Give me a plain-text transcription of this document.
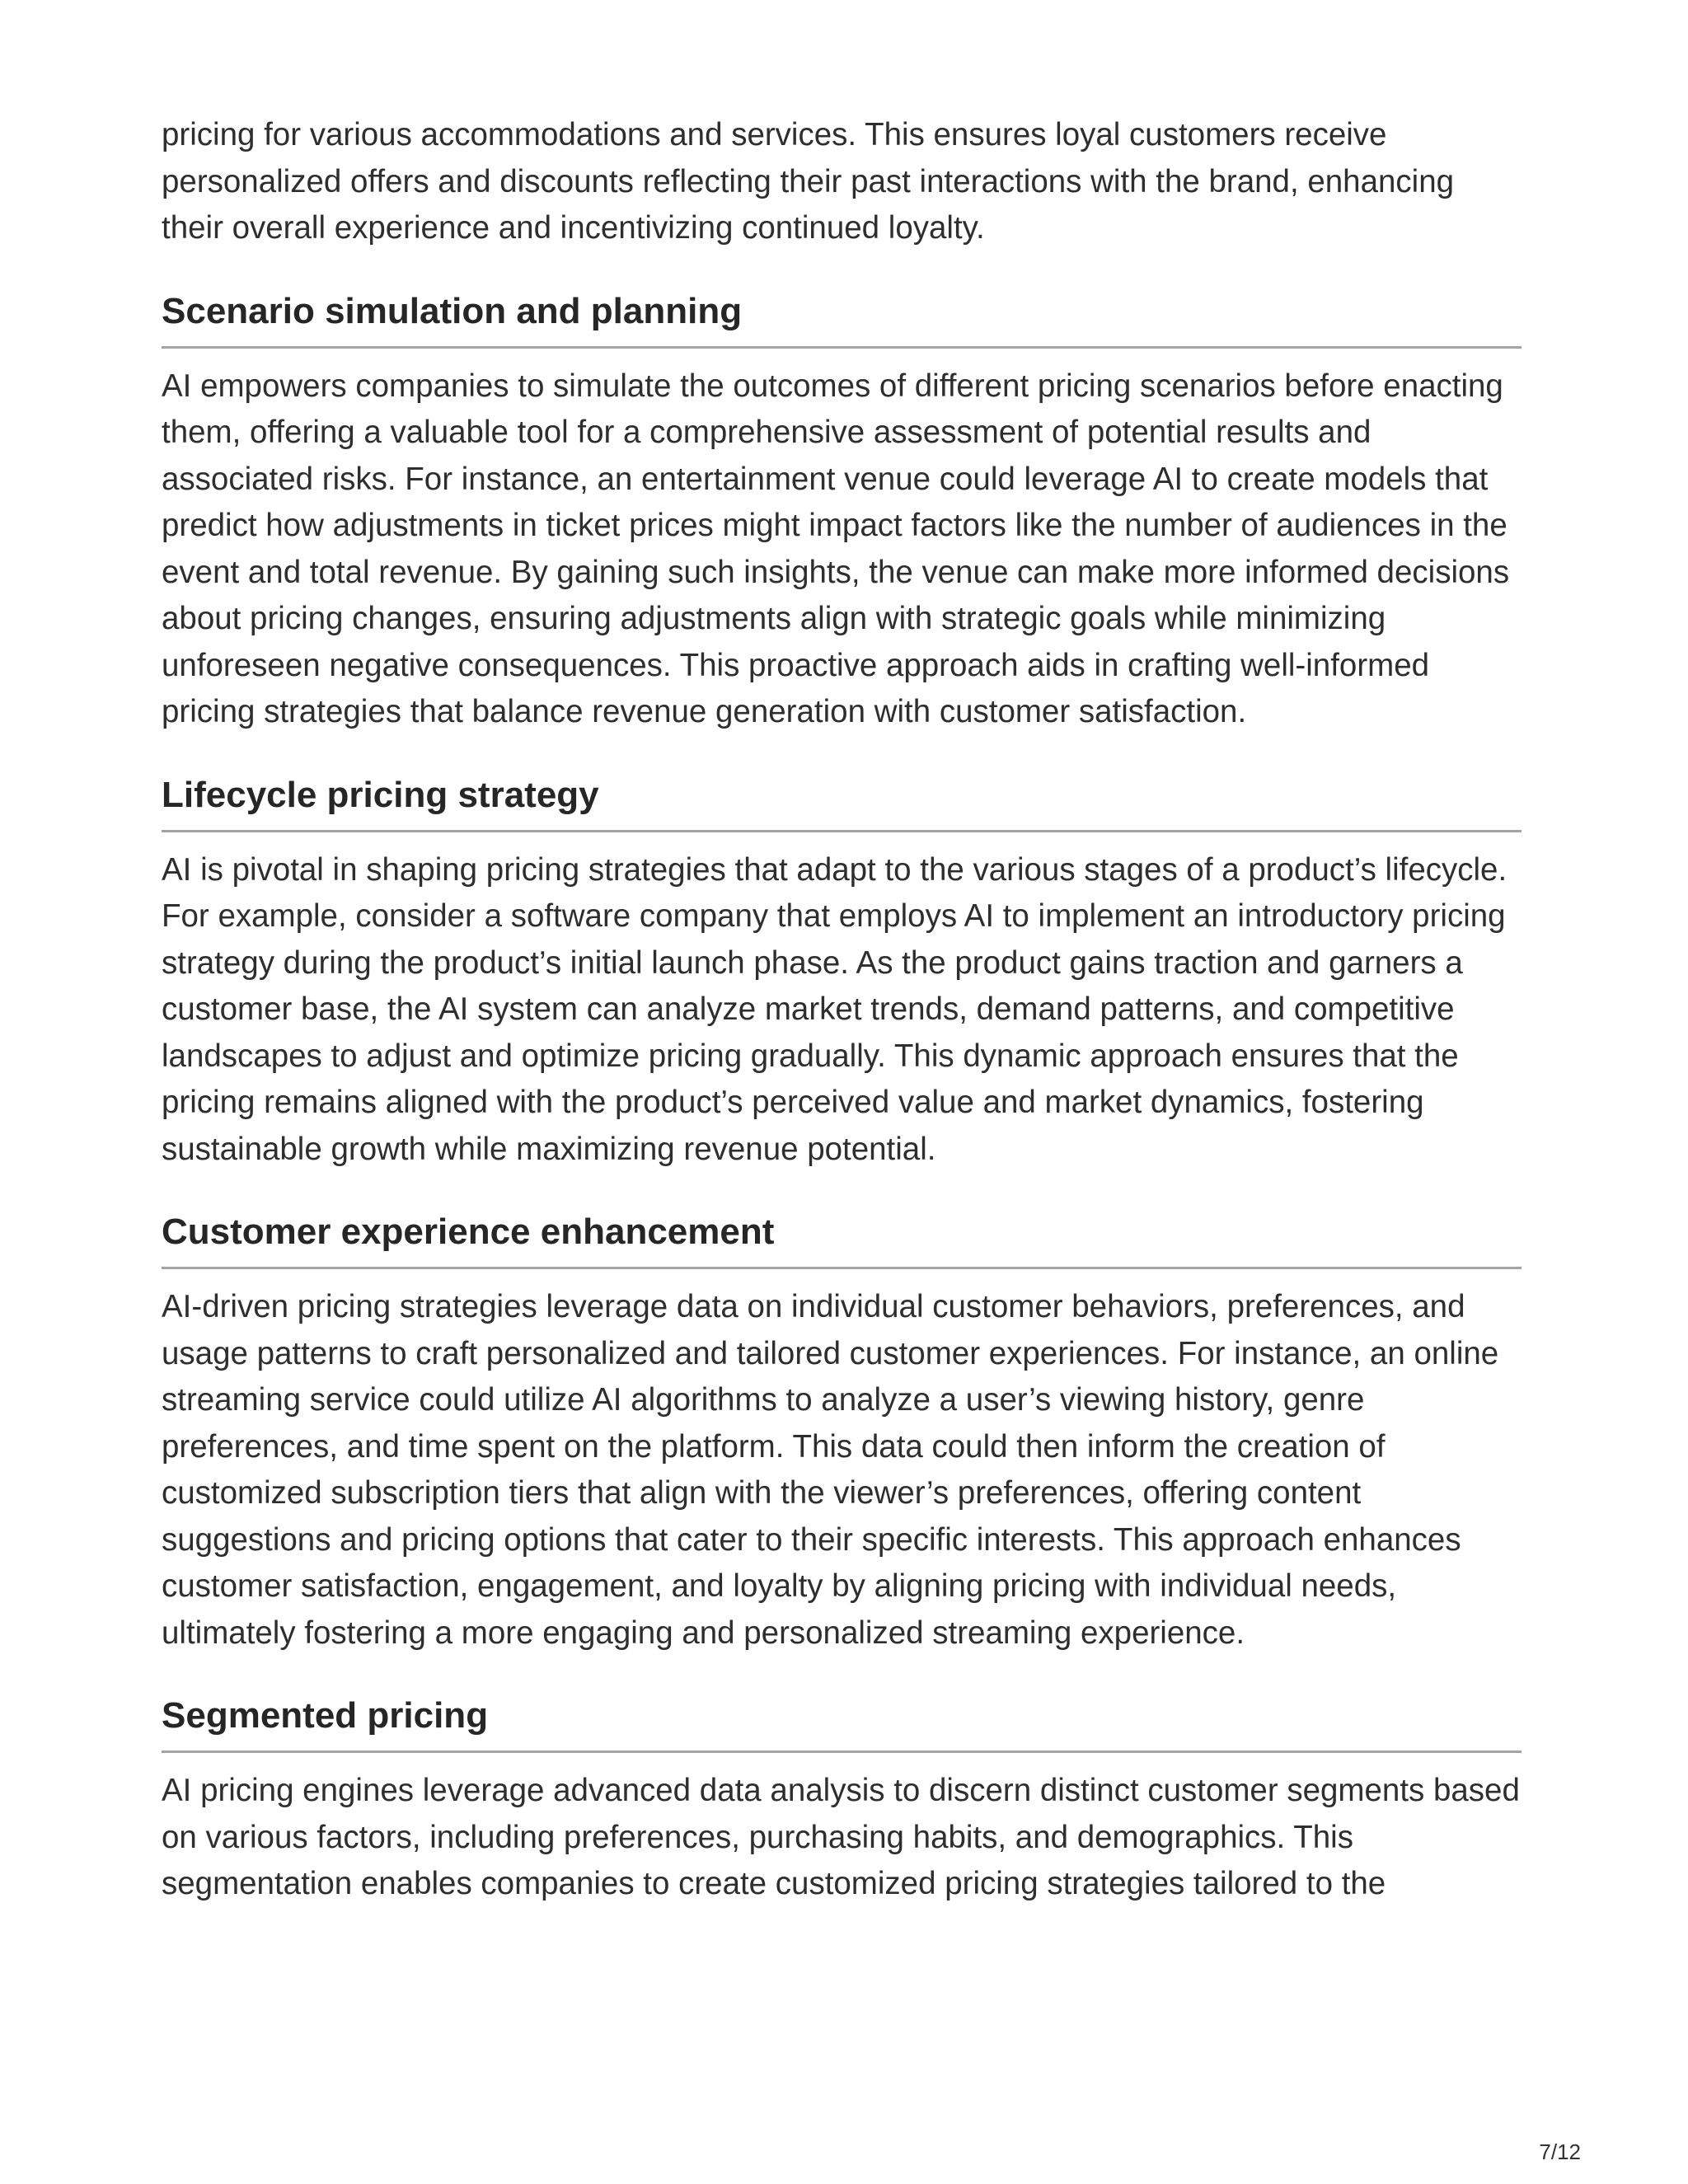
pricing for various accommodations and services. This ensures loyal customers receive personalized offers and discounts reflecting their past interactions with the brand, enhancing their overall experience and incentivizing continued loyalty.

Scenario simulation and planning

AI empowers companies to simulate the outcomes of different pricing scenarios before enacting them, offering a valuable tool for a comprehensive assessment of potential results and associated risks. For instance, an entertainment venue could leverage AI to create models that predict how adjustments in ticket prices might impact factors like the number of audiences in the event and total revenue. By gaining such insights, the venue can make more informed decisions about pricing changes, ensuring adjustments align with strategic goals while minimizing unforeseen negative consequences. This proactive approach aids in crafting well-informed pricing strategies that balance revenue generation with customer satisfaction.

Lifecycle pricing strategy

AI is pivotal in shaping pricing strategies that adapt to the various stages of a product’s lifecycle. For example, consider a software company that employs AI to implement an introductory pricing strategy during the product’s initial launch phase. As the product gains traction and garners a customer base, the AI system can analyze market trends, demand patterns, and competitive landscapes to adjust and optimize pricing gradually. This dynamic approach ensures that the pricing remains aligned with the product’s perceived value and market dynamics, fostering sustainable growth while maximizing revenue potential.

Customer experience enhancement

AI-driven pricing strategies leverage data on individual customer behaviors, preferences, and usage patterns to craft personalized and tailored customer experiences. For instance, an online streaming service could utilize AI algorithms to analyze a user’s viewing history, genre preferences, and time spent on the platform. This data could then inform the creation of customized subscription tiers that align with the viewer’s preferences, offering content suggestions and pricing options that cater to their specific interests. This approach enhances customer satisfaction, engagement, and loyalty by aligning pricing with individual needs, ultimately fostering a more engaging and personalized streaming experience.

Segmented pricing

AI pricing engines leverage advanced data analysis to discern distinct customer segments based on various factors, including preferences, purchasing habits, and demographics. This segmentation enables companies to create customized pricing strategies tailored to the

7/12
